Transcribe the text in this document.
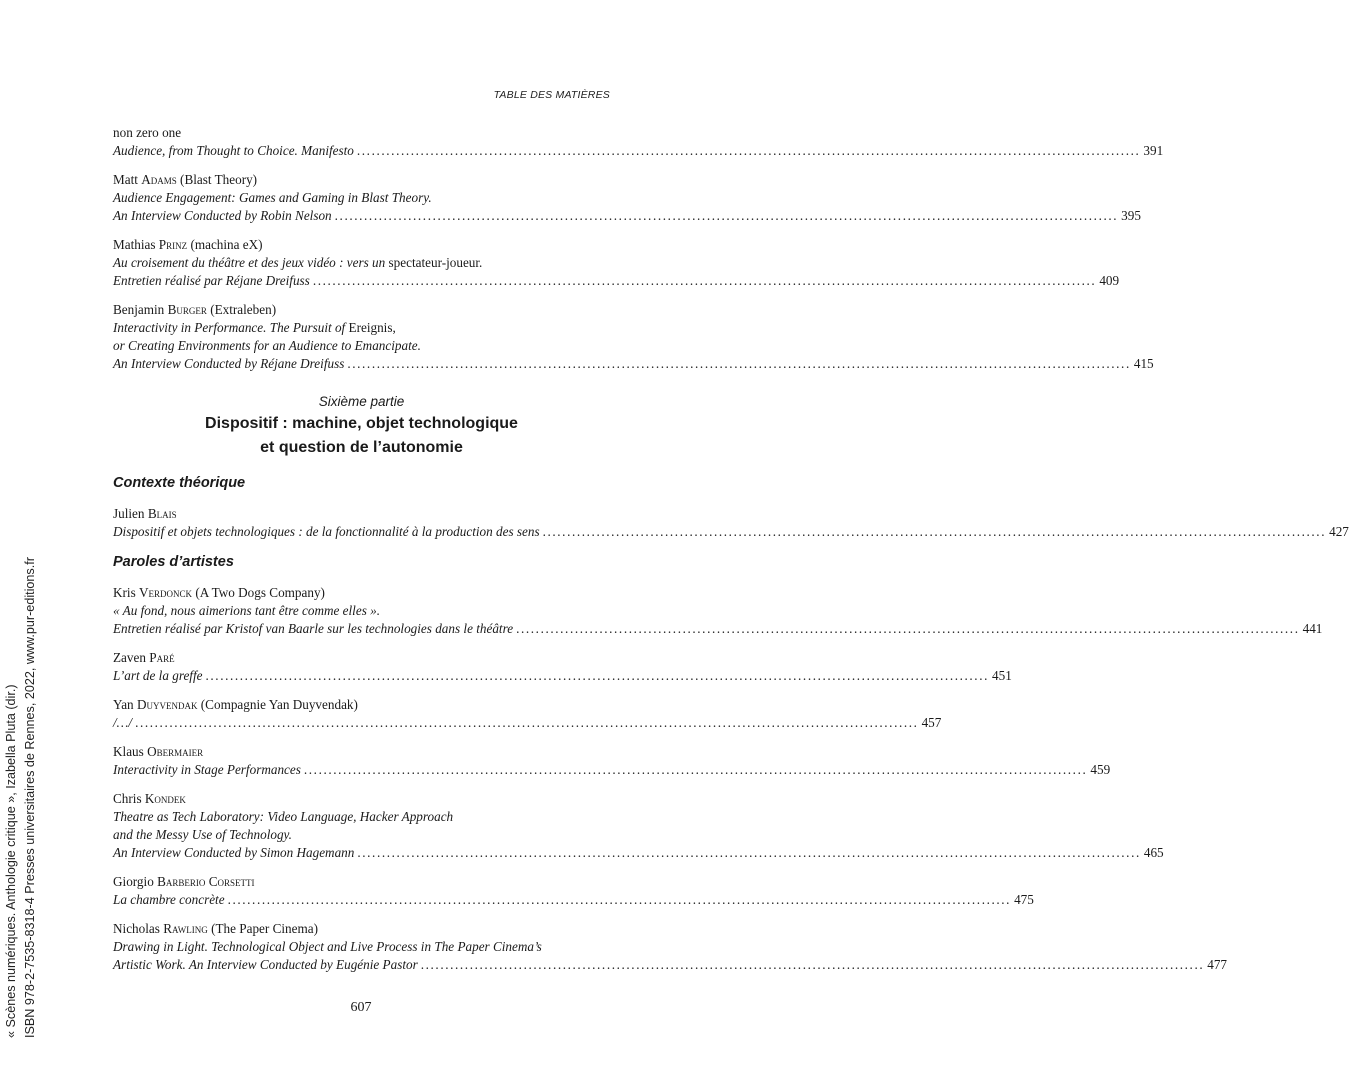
TABLE DES MATIÈRES
non zero one
Audience, from Thought to Choice. Manifesto ................................................................................................................................................................ 391
Matt Adams (Blast Theory)
Audience Engagement: Games and Gaming in Blast Theory.
An Interview Conducted by Robin Nelson ................................................................................................................................................................ 395
Mathias Prinz (machina eX)
Au croisement du théâtre et des jeux vidéo : vers un spectateur-joueur.
Entretien réalisé par Réjane Dreifuss ................................................................................................................................................................ 409
Benjamin Burger (Extraleben)
Interactivity in Performance. The Pursuit of Ereignis,
or Creating Environments for an Audience to Emancipate.
An Interview Conducted by Réjane Dreifuss ................................................................................................................................................................ 415
Sixième partie
Dispositif : machine, objet technologique
et question de l’autonomie
Contexte théorique
Julien Blais
Dispositif et objets technologiques : de la fonctionnalité à la production des sens ................................................................................................................................................................ 427
Paroles d’artistes
Kris Verdonck (A Two Dogs Company)
« Au fond, nous aimerions tant être comme elles ».
Entretien réalisé par Kristof van Baarle sur les technologies dans le théâtre ................................................................................................................................................................ 441
Zaven Paré
L’art de la greffe ................................................................................................................................................................ 451
Yan Duyvendak (Compagnie Yan Duyvendak)
/…/ ................................................................................................................................................................ 457
Klaus Obermaier
Interactivity in Stage Performances ................................................................................................................................................................ 459
Chris Kondek
Theatre as Tech Laboratory: Video Language, Hacker Approach
and the Messy Use of Technology.
An Interview Conducted by Simon Hagemann ................................................................................................................................................................ 465
Giorgio Barberio Corsetti
La chambre concrète ................................................................................................................................................................ 475
Nicholas Rawling (The Paper Cinema)
Drawing in Light. Technological Object and Live Process in The Paper Cinema’s
Artistic Work. An Interview Conducted by Eugénie Pastor ................................................................................................................................................................ 477
607
« Scènes numériques. Anthologie critique », Izabella Pluta (dir.) ISBN 978-2-7535-8318-4 Presses universitaires de Rennes, 2022, www.pur-editions.fr
